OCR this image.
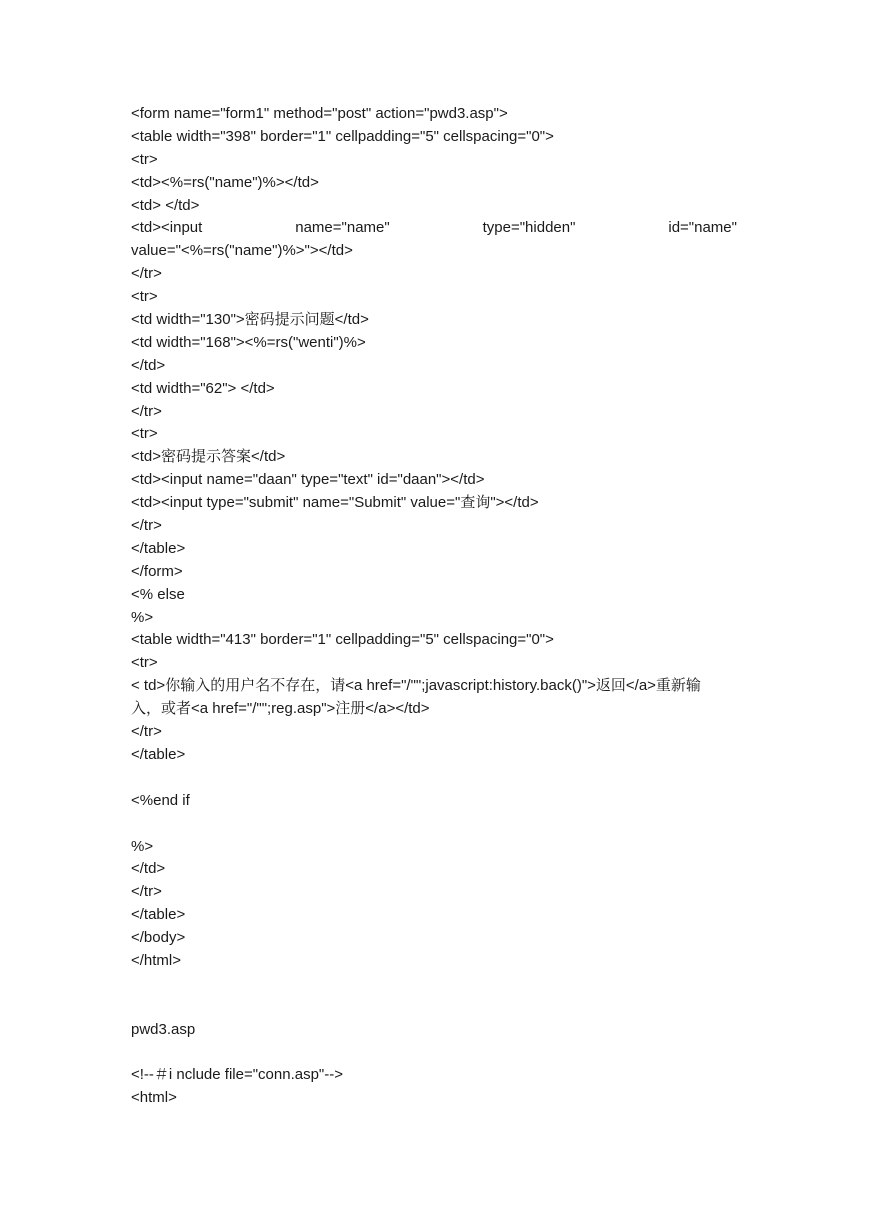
<form name="form1" method="post" action="pwd3.asp">
<table width="398" border="1" cellpadding="5" cellspacing="0">
<tr>
<td><%=rs("name")%></td>
<td> </td>
<td><input	name="name"	type="hidden"	id="name"
value="<%=rs("name")%>"></td>
</tr>
<tr>
<td width="130">密码提示问题</td>
<td width="168"><%=rs("wenti")%>
</td>
<td width="62"> </td>
</tr>
<tr>
<td>密码提示答案</td>
<td><input name="daan" type="text" id="daan"></td>
<td><input type="submit" name="Submit" value="查询"></td>
</tr>
</table>
</form>
<% else
%>
<table width="413" border="1" cellpadding="5" cellspacing="0">
<tr>
< td>你输入的用户名不存在，请<a href="/"";javascript:history.back()">返回</a>重新输
入，或者<a href="/"";reg.asp">注册</a></td>
</tr>
</table>
<%end if
%>
</td>
</tr>
</table>
</body>
</html>
pwd3.asp
<!--＃i nclude file="conn.asp"-->
<html>
